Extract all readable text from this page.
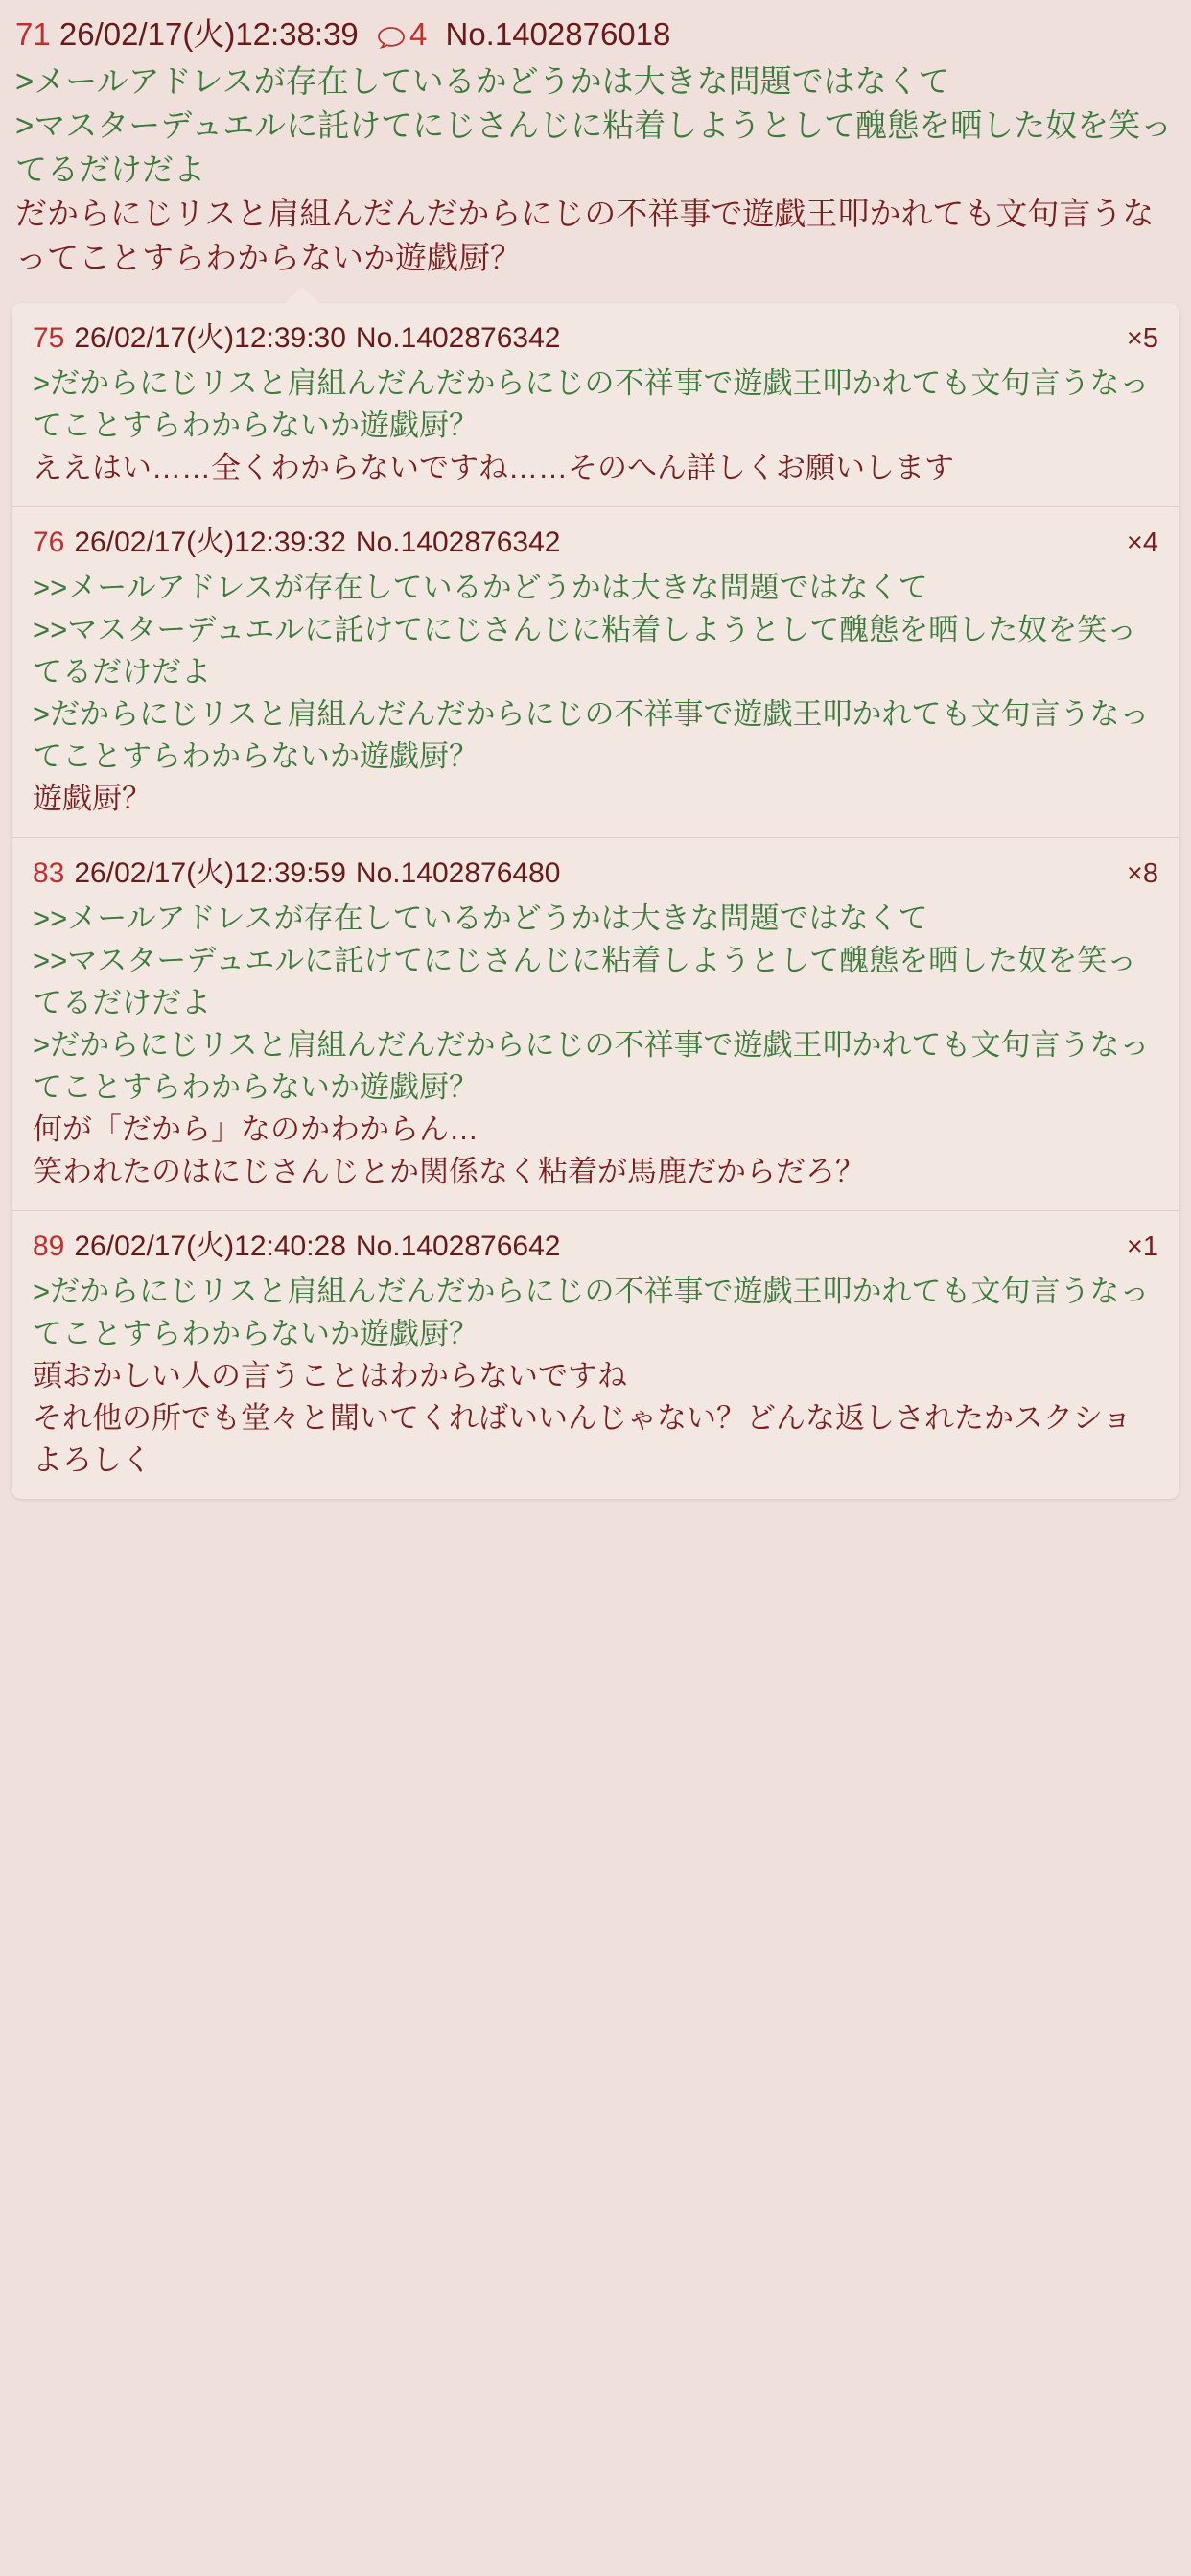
71 26/02/17(火)12:38:39 4 No.1402876018
>メールアドレスが存在しているかどうかは大きな問題ではなくて
>マスターデュエルに託けてにじさんじに粘着しようとして醜態を晒した奴を笑ってるだけだよ
だからにじリスと肩組んだんだからにじの不祥事で遊戯王叩かれても文句言うなってことすらわからないか遊戯厨？
75 26/02/17(火)12:39:30 No.1402876342	×5
>だからにじリスと肩組んだんだからにじの不祥事で遊戯王叩かれても文句言うなってことすらわからないか遊戯厨？
ええはい……全くわからないですね……そのへん詳しくお願いします
76 26/02/17(火)12:39:32 No.1402876342	×4
>>メールアドレスが存在しているかどうかは大きな問題ではなくて
>>マスターデュエルに託けてにじさんじに粘着しようとして醜態を晒した奴を笑ってるだけだよ
>だからにじリスと肩組んだんだからにじの不祥事で遊戯王叩かれても文句言うなってことすらわからないか遊戯厨？
遊戯厨？
83 26/02/17(火)12:39:59 No.1402876480	×8
>>メールアドレスが存在しているかどうかは大きな問題ではなくて
>>マスターデュエルに託けてにじさんじに粘着しようとして醜態を晒した奴を笑ってるだけだよ
>だからにじリスと肩組んだんだからにじの不祥事で遊戯王叩かれても文句言うなってことすらわからないか遊戯厨？
何が「だから」なのかわからん…
笑われたのはにじさんじとか関係なく粘着が馬鹿だからだろ？
89 26/02/17(火)12:40:28 No.1402876642	×1
>だからにじリスと肩組んだんだからにじの不祥事で遊戯王叩かれても文句言うなってことすらわからないか遊戯厨？
頭おかしい人の言うことはわからないですね
それ他の所でも堂々と聞いてくればいいんじゃない？どんな返しされたかスクショよろしく
